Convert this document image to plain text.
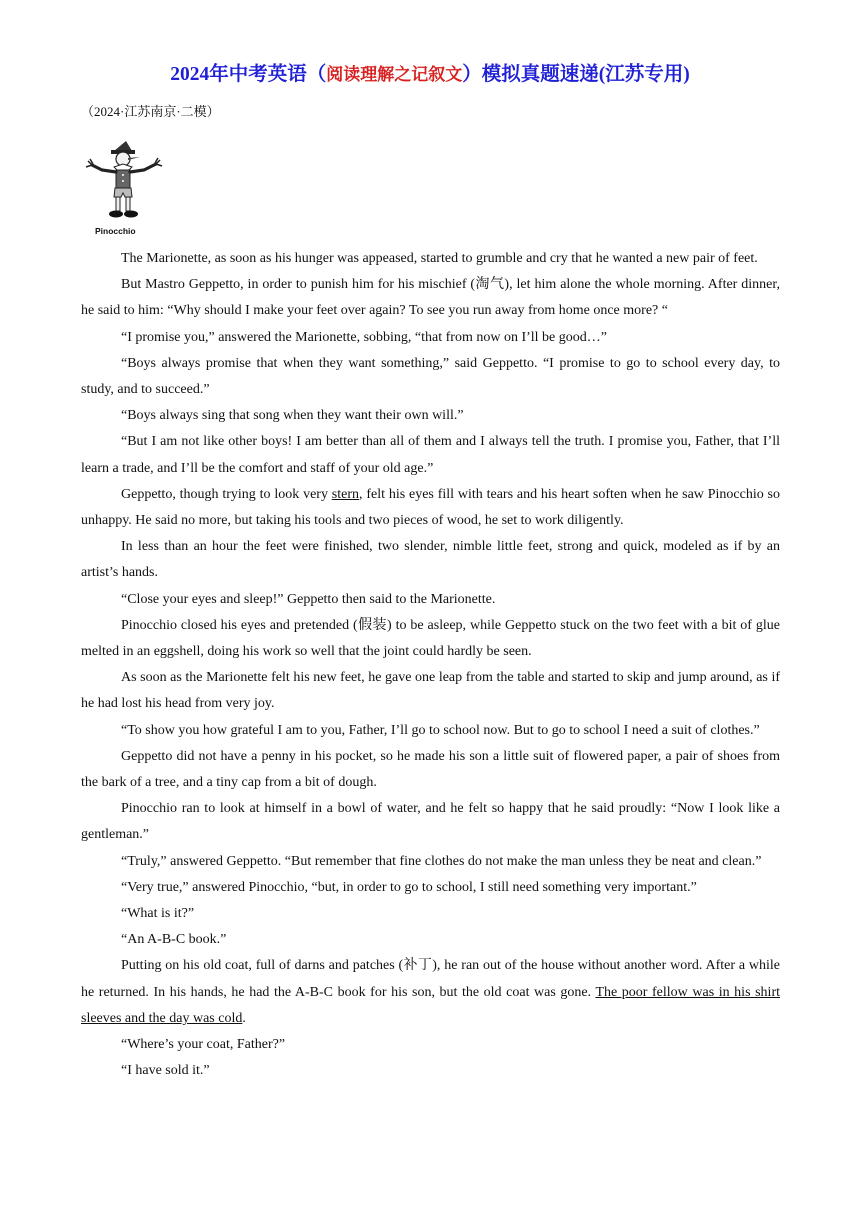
2024年中考英语（阅读理解之记叙文）模拟真题速递(江苏专用)
（2024·江苏南京·二模）
Pinocchio

The Marionette, as soon as his hunger was appeased, started to grumble and cry that he wanted a new pair of feet.

But Mastro Geppetto, in order to punish him for his mischief (淘气), let him alone the whole morning. After dinner, he said to him: “Why should I make your feet over again? To see you run away from home once more? “

“I promise you,” answered the Marionette, sobbing, “that from now on I’ll be good…”

“Boys always promise that when they want something,” said Geppetto. “I promise to go to school every day, to study, and to succeed.”

“Boys always sing that song when they want their own will.”

“But I am not like other boys! I am better than all of them and I always tell the truth. I promise you, Father, that I’ll learn a trade, and I’ll be the comfort and staff of your old age.”

Geppetto, though trying to look very stern, felt his eyes fill with tears and his heart soften when he saw Pinocchio so unhappy. He said no more, but taking his tools and two pieces of wood, he set to work diligently.

In less than an hour the feet were finished, two slender, nimble little feet, strong and quick, modeled as if by an artist’s hands.

“Close your eyes and sleep!” Geppetto then said to the Marionette.

Pinocchio closed his eyes and pretended (假装) to be asleep, while Geppetto stuck on the two feet with a bit of glue melted in an eggshell, doing his work so well that the joint could hardly be seen.

As soon as the Marionette felt his new feet, he gave one leap from the table and started to skip and jump around, as if he had lost his head from very joy.

“To show you how grateful I am to you, Father, I’ll go to school now. But to go to school I need a suit of clothes.”

Geppetto did not have a penny in his pocket, so he made his son a little suit of flowered paper, a pair of shoes from the bark of a tree, and a tiny cap from a bit of dough.

Pinocchio ran to look at himself in a bowl of water, and he felt so happy that he said proudly: “Now I look like a gentleman.”

“Truly,” answered Geppetto. “But remember that fine clothes do not make the man unless they be neat and clean.”

“Very true,” answered Pinocchio, “but, in order to go to school, I still need something very important.”

“What is it?”

“An A-B-C book.”

Putting on his old coat, full of darns and patches (补丁), he ran out of the house without another word. After a while he returned. In his hands, he had the A-B-C book for his son, but the old coat was gone. The poor fellow was in his shirt sleeves and the day was cold.

“Where’s your coat, Father?”

“I have sold it.”
